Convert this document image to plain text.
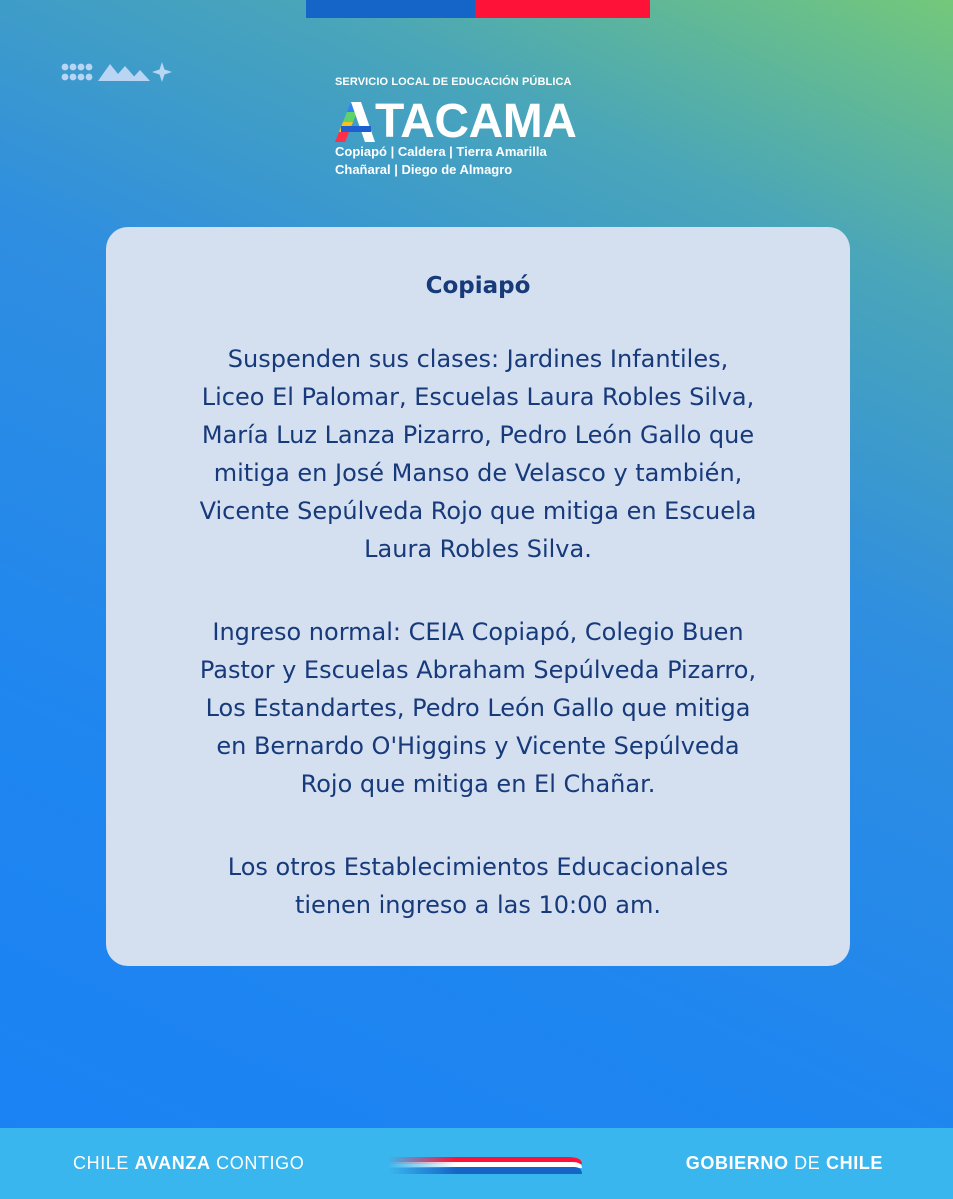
SERVICIO LOCAL DE EDUCACIÓN PÚBLICA
TACAMA
Copiapó | Caldera | Tierra Amarilla
Chañaral | Diego de Almagro
Copiapó
Suspenden sus clases: Jardines Infantiles,
Liceo El Palomar, Escuelas Laura Robles Silva,
María Luz Lanza Pizarro, Pedro León Gallo que
mitiga en José Manso de Velasco y también,
Vicente Sepúlveda Rojo que mitiga en Escuela
Laura Robles Silva.
Ingreso normal: CEIA Copiapó, Colegio Buen
Pastor y Escuelas Abraham Sepúlveda Pizarro,
Los Estandartes, Pedro León Gallo que mitiga
en Bernardo O'Higgins y Vicente Sepúlveda
Rojo que mitiga en El Chañar.
Los otros Establecimientos Educacionales
tienen ingreso a las 10:00 am.
CHILE AVANZA CONTIGO	GOBIERNO DE CHILE
